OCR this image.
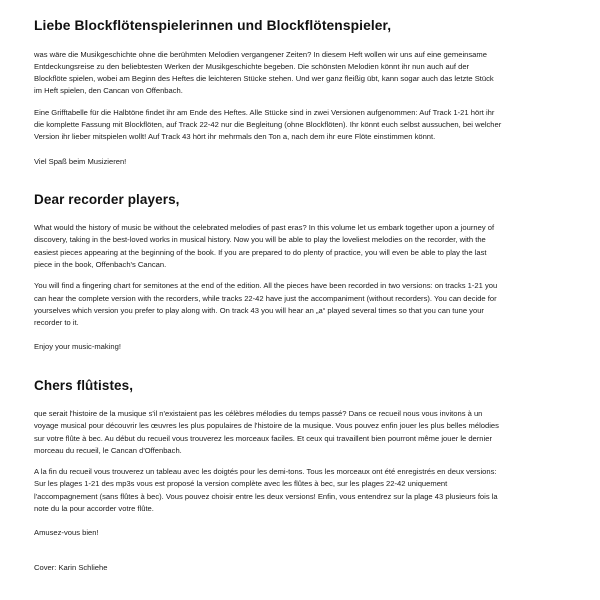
Liebe Blockflötenspielerinnen und Blockflötenspieler,

was wäre die Musikgeschichte ohne die berühmten Melodien vergangener Zeiten? In diesem Heft wollen wir uns auf eine gemeinsame Entdeckungsreise zu den beliebtesten Werken der Musikgeschichte begeben. Die schönsten Melodien könnt ihr nun auch auf der Blockflöte spielen, wobei am Beginn des Heftes die leichteren Stücke stehen. Und wer ganz fleißig übt, kann sogar auch das letzte Stück im Heft spielen, den Cancan von Offenbach.

Eine Grifftabelle für die Halbtöne findet ihr am Ende des Heftes. Alle Stücke sind in zwei Versionen aufgenommen: Auf Track 1-21 hört ihr die komplette Fassung mit Blockflöten, auf Track 22-42 nur die Begleitung (ohne Blockflöten). Ihr könnt euch selbst aussuchen, bei welcher Version ihr lieber mitspielen wollt! Auf Track 43 hört ihr mehrmals den Ton a, nach dem ihr eure Flöte einstimmen könnt.

Viel Spaß beim Musizieren!

Dear recorder players,

What would the history of music be without the celebrated melodies of past eras? In this volume let us embark together upon a journey of discovery, taking in the best-loved works in musical history. Now you will be able to play the loveliest melodies on the recorder, with the easiest pieces appearing at the beginning of the book. If you are prepared to do plenty of practice, you will even be able to play the last piece in the book, Offenbach's Cancan.

You will find a fingering chart for semitones at the end of the edition. All the pieces have been recorded in two versions: on tracks 1-21 you can hear the complete version with the recorders, while tracks 22-42 have just the accompaniment (without recorders). You can decide for yourselves which version you prefer to play along with. On track 43 you will hear an „a“ played several times so that you can tune your recorder to it.

Enjoy your music-making!

Chers flûtistes,

que serait l'histoire de la musique s'il n'existaient pas les célèbres mélodies du temps passé? Dans ce recueil nous vous invitons à un voyage musical pour découvrir les œuvres les plus populaires de l'histoire de la musique. Vous pouvez enfin jouer les plus belles mélodies sur votre flûte à bec. Au début du recueil vous trouverez les morceaux faciles. Et ceux qui travaillent bien pourront même jouer le dernier morceau du recueil, le Cancan d'Offenbach.

A la fin du recueil vous trouverez un tableau avec les doigtés pour les demi-tons. Tous les morceaux ont été enregistrés en deux versions: Sur les plages 1-21 des mp3s vous est proposé la version complète avec les flûtes à bec, sur les plages 22-42 uniquement l'accompagnement (sans flûtes à bec). Vous pouvez choisir entre les deux versions! Enfin, vous entendrez sur la plage 43 plusieurs fois la note du la pour accorder votre flûte.

Amusez-vous bien!

Cover: Karin Schliehe
